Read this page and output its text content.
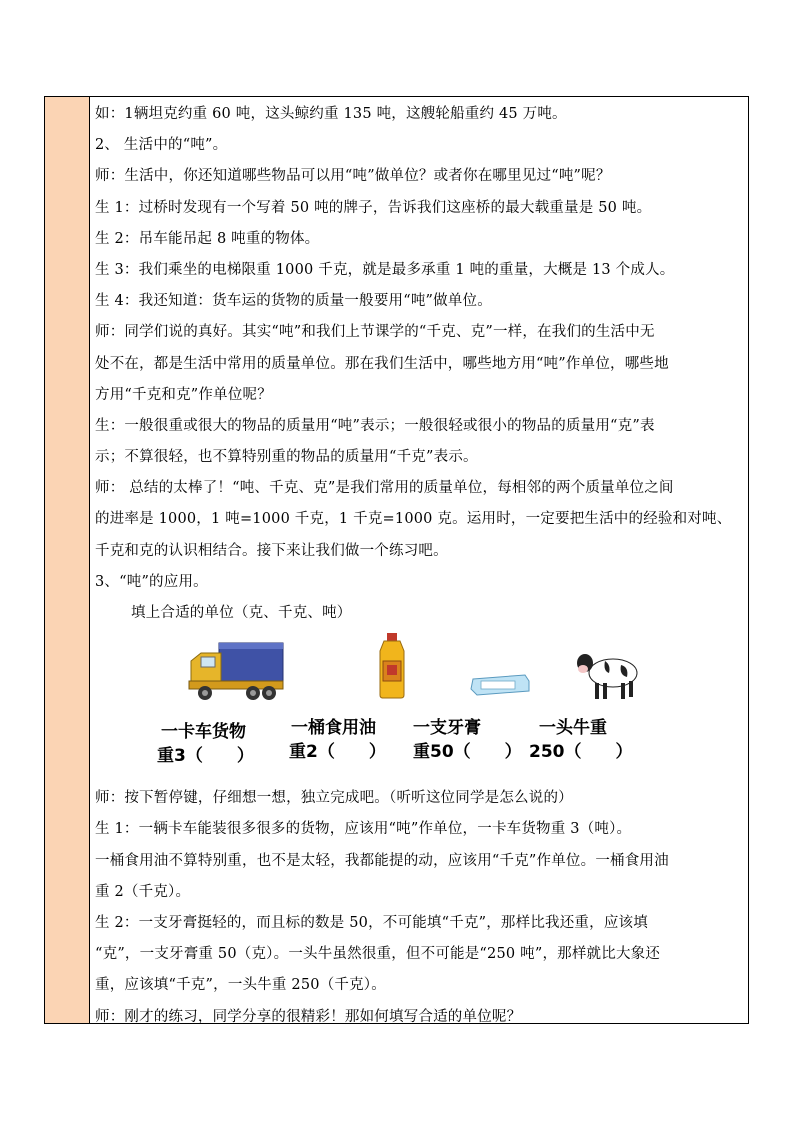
如：1辆坦克约重 60 吨，这头鲸约重 135 吨，这艘轮船重约 45 万吨。
2、 生活中的“吨”。
师：生活中，你还知道哪些物品可以用“吨”做单位？或者你在哪里见过“吨”呢？
生 1：过桥时发现有一个写着 50 吨的牌子，告诉我们这座桥的最大载重量是 50 吨。
生 2：吊车能吊起 8 吨重的物体。
生 3：我们乘坐的电梯限重 1000 千克，就是最多承重 1 吨的重量，大概是 13 个成人。
生 4：我还知道：货车运的货物的质量一般要用“吨”做单位。
师：同学们说的真好。其实“吨”和我们上节课学的“千克、克”一样，在我们的生活中无
处不在，都是生活中常用的质量单位。那在我们生活中，哪些地方用“吨”作单位，哪些地
方用“千克和克”作单位呢？
生：一般很重或很大的物品的质量用“吨”表示；一般很轻或很小的物品的质量用“克”表
示；不算很轻，也不算特别重的物品的质量用“千克”表示。
师： 总结的太棒了！“吨、千克、克”是我们常用的质量单位，每相邻的两个质量单位之间
的进率是 1000，1 吨=1000 千克，1 千克=1000 克。运用时，一定要把生活中的经验和对吨、
千克和克的认识相结合。接下来让我们做一个练习吧。
3、“吨”的应用。
填上合适的单位（克、千克、吨）
一卡车货物
重3（　　）
一桶食用油
重2（　　）
一支牙膏
重50（　　）
一头牛重
250（　　）
师：按下暂停键，仔细想一想，独立完成吧。（听听这位同学是怎么说的）
生 1：一辆卡车能装很多很多的货物，应该用“吨”作单位，一卡车货物重 3（吨）。
一桶食用油不算特别重，也不是太轻，我都能提的动，应该用“千克”作单位。一桶食用油
重 2（千克）。
生 2：一支牙膏挺轻的，而且标的数是 50，不可能填“千克”，那样比我还重，应该填
“克”，一支牙膏重 50（克）。一头牛虽然很重，但不可能是“250 吨”，那样就比大象还
重，应该填“千克”，一头牛重 250（千克）。
师：刚才的练习，同学分享的很精彩！那如何填写合适的单位呢？
